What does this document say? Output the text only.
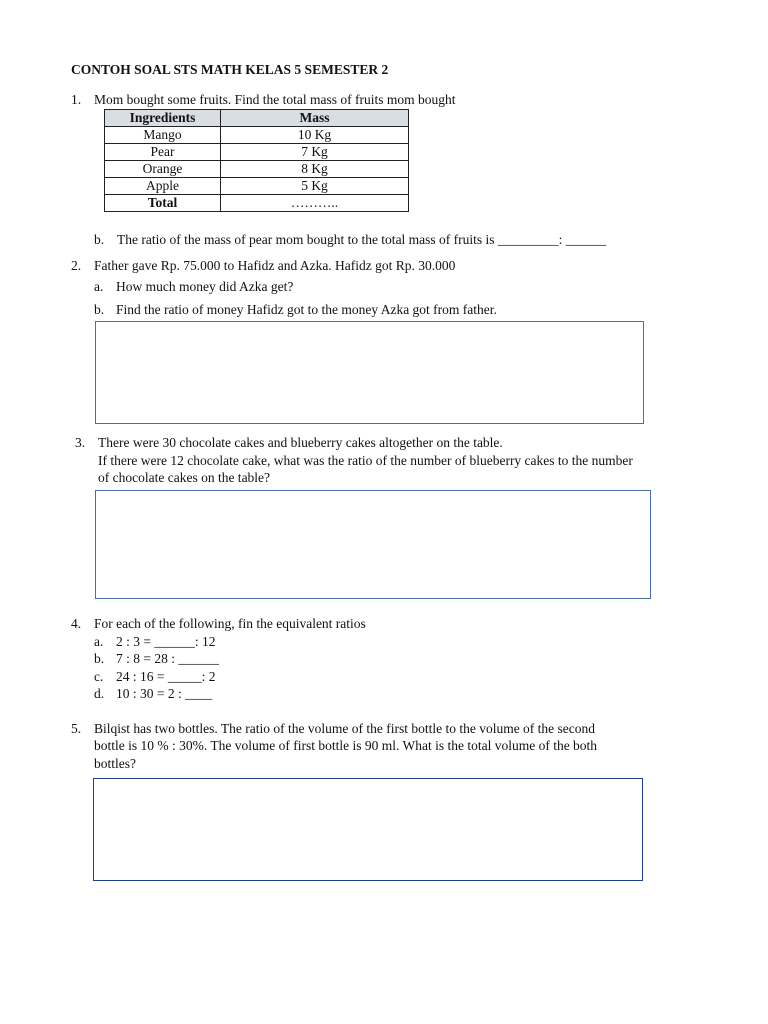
CONTOH SOAL STS MATH KELAS 5 SEMESTER 2
1. Mom bought some fruits. Find the total mass of fruits mom bought
Ingredients	Mass
Mango	10 Kg
Pear	7 Kg
Orange	8 Kg
Apple	5 Kg
Total	………..
b. The ratio of the mass of pear mom bought to the total mass of fruits is _________: ______
2. Father gave Rp. 75.000 to Hafidz and Azka. Hafidz got Rp. 30.000
a. How much money did Azka get?
b. Find the ratio of money Hafidz got to the money Azka got from father.
3. There were 30 chocolate cakes and blueberry cakes altogether on the table.
If there were 12 chocolate cake, what was the ratio of the number of blueberry cakes to the number
of chocolate cakes on the table?
4. For each of the following, fin the equivalent ratios
a. 2 : 3 = ______: 12
b. 7 : 8 = 28 : ______
c. 24 : 16 = _____: 2
d. 10 : 30 = 2 : ____
5. Bilqist has two bottles. The ratio of the volume of the first bottle to the volume of the second
bottle is 10 % : 30%. The volume of first bottle is 90 ml. What is the total volume of the both
bottles?
